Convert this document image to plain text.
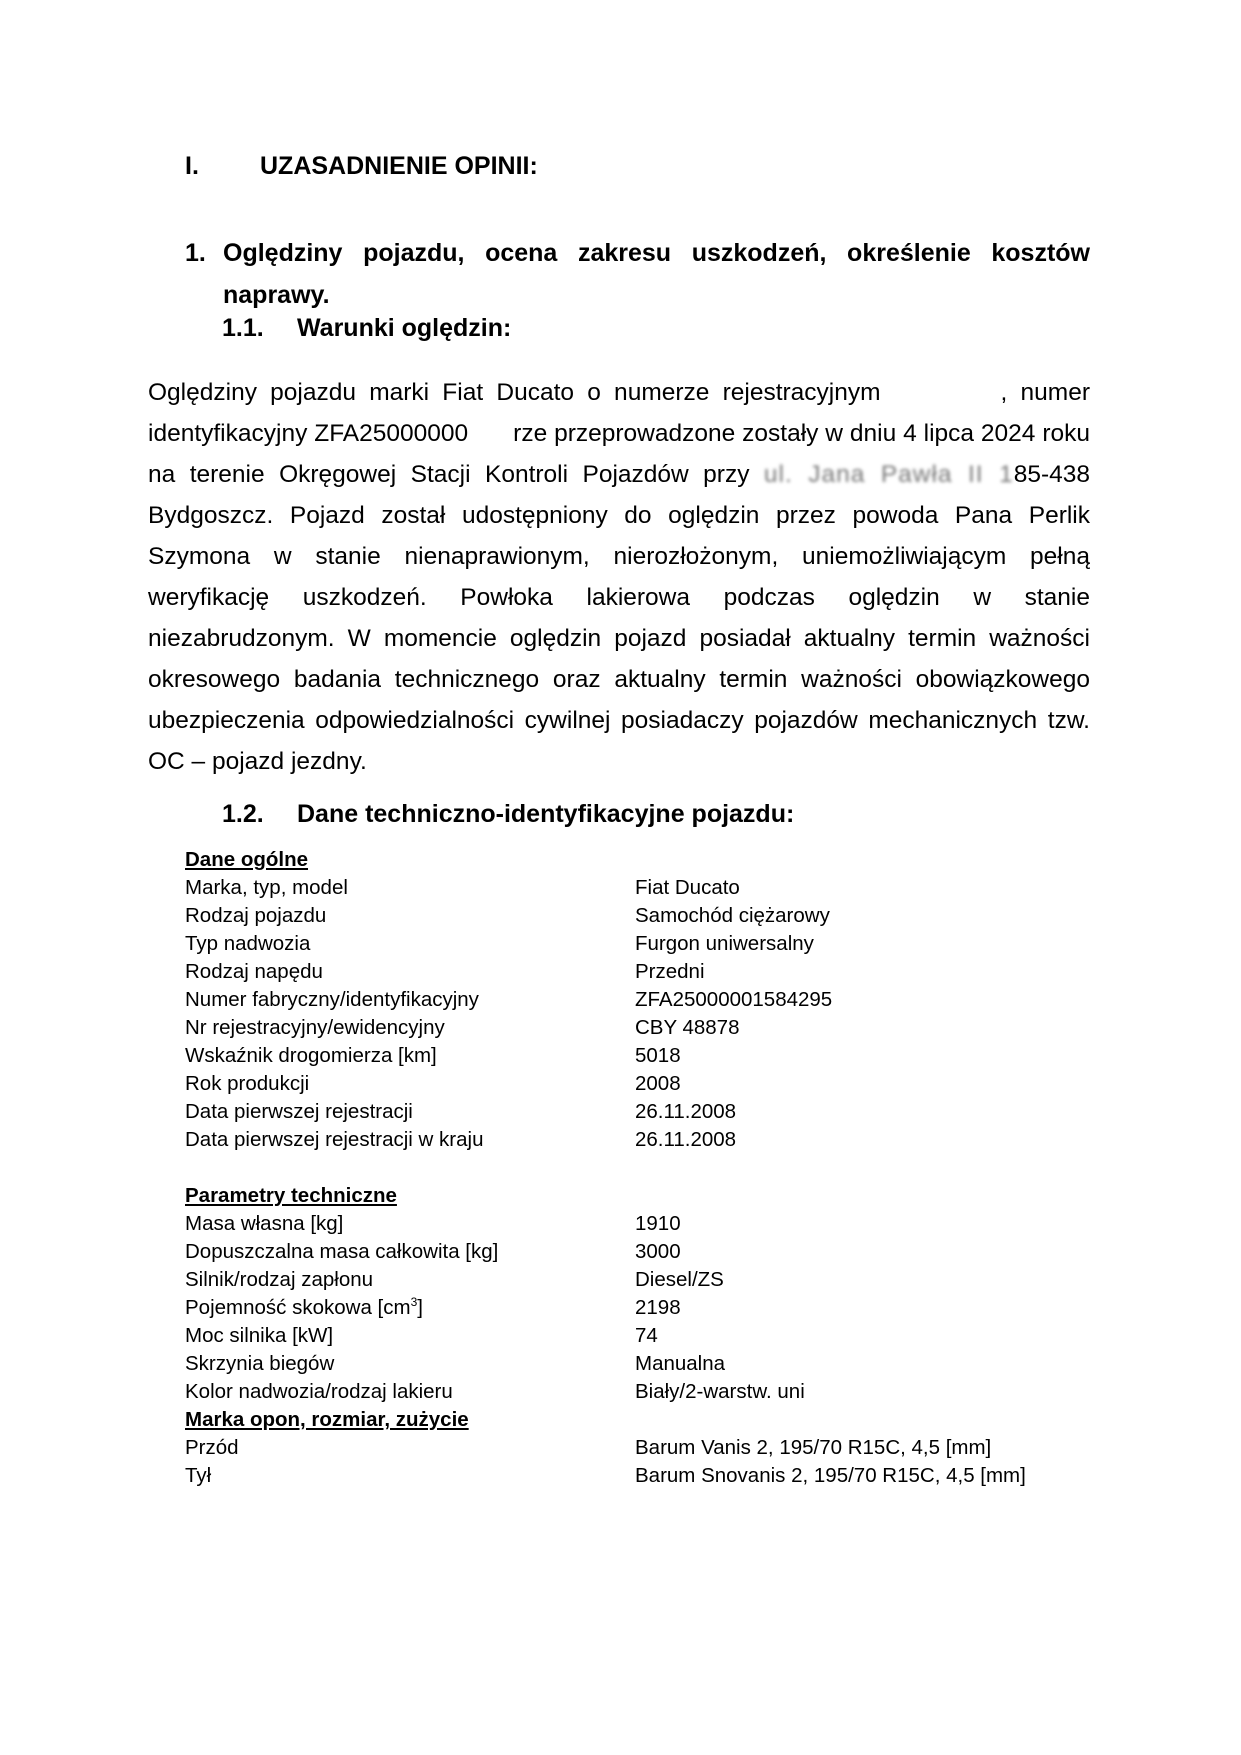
I. UZASADNIENIE OPINII:
1. Oględziny pojazdu, ocena zakresu uszkodzeń, określenie kosztów naprawy.
1.1. Warunki oględzin:
Oględziny pojazdu marki Fiat Ducato o numerze rejestracyjnym	, numer identyfikacyjny ZFA25000000 rze przeprowadzone zostały w dniu 4 lipca 2024 roku na terenie Okręgowej Stacji Kontroli Pojazdów przy ul. Jana Pawła II 185-438 Bydgoszcz. Pojazd został udostępniony do oględzin przez powoda Pana Perlik Szymona w stanie nienaprawionym, nierozłożonym, uniemożliwiającym pełną weryfikację uszkodzeń. Powłoka lakierowa podczas oględzin w stanie niezabrudzonym. W momencie oględzin pojazd posiadał aktualny termin ważności okresowego badania technicznego oraz aktualny termin ważności obowiązkowego ubezpieczenia odpowiedzialności cywilnej posiadaczy pojazdów mechanicznych tzw. OC – pojazd jezdny.
1.2. Dane techniczno-identyfikacyjne pojazdu:
Dane ogólne
Marka, typ, model	Fiat Ducato
Rodzaj pojazdu	Samochód ciężarowy
Typ nadwozia	Furgon uniwersalny
Rodzaj napędu	Przedni
Numer fabryczny/identyfikacyjny	ZFA25000001584295
Nr rejestracyjny/ewidencyjny	CBY 48878
Wskaźnik drogomierza [km]	5018
Rok produkcji	2008
Data pierwszej rejestracji	26.11.2008
Data pierwszej rejestracji w kraju	26.11.2008
Parametry techniczne
Masa własna [kg]	1910
Dopuszczalna masa całkowita [kg]	3000
Silnik/rodzaj zapłonu	Diesel/ZS
Pojemność skokowa $[cm^3]$	2198
Moc silnika [kW]	74
Skrzynia biegów	Manualna
Kolor nadwozia/rodzaj lakieru	Biały/2-warstw. uni
Marka opon, rozmiar, zużycie
Przód	Barum Vanis 2, 195/70 R15C, 4,5 [mm]
Tył	Barum Snovanis 2, 195/70 R15C, 4,5 [mm]
